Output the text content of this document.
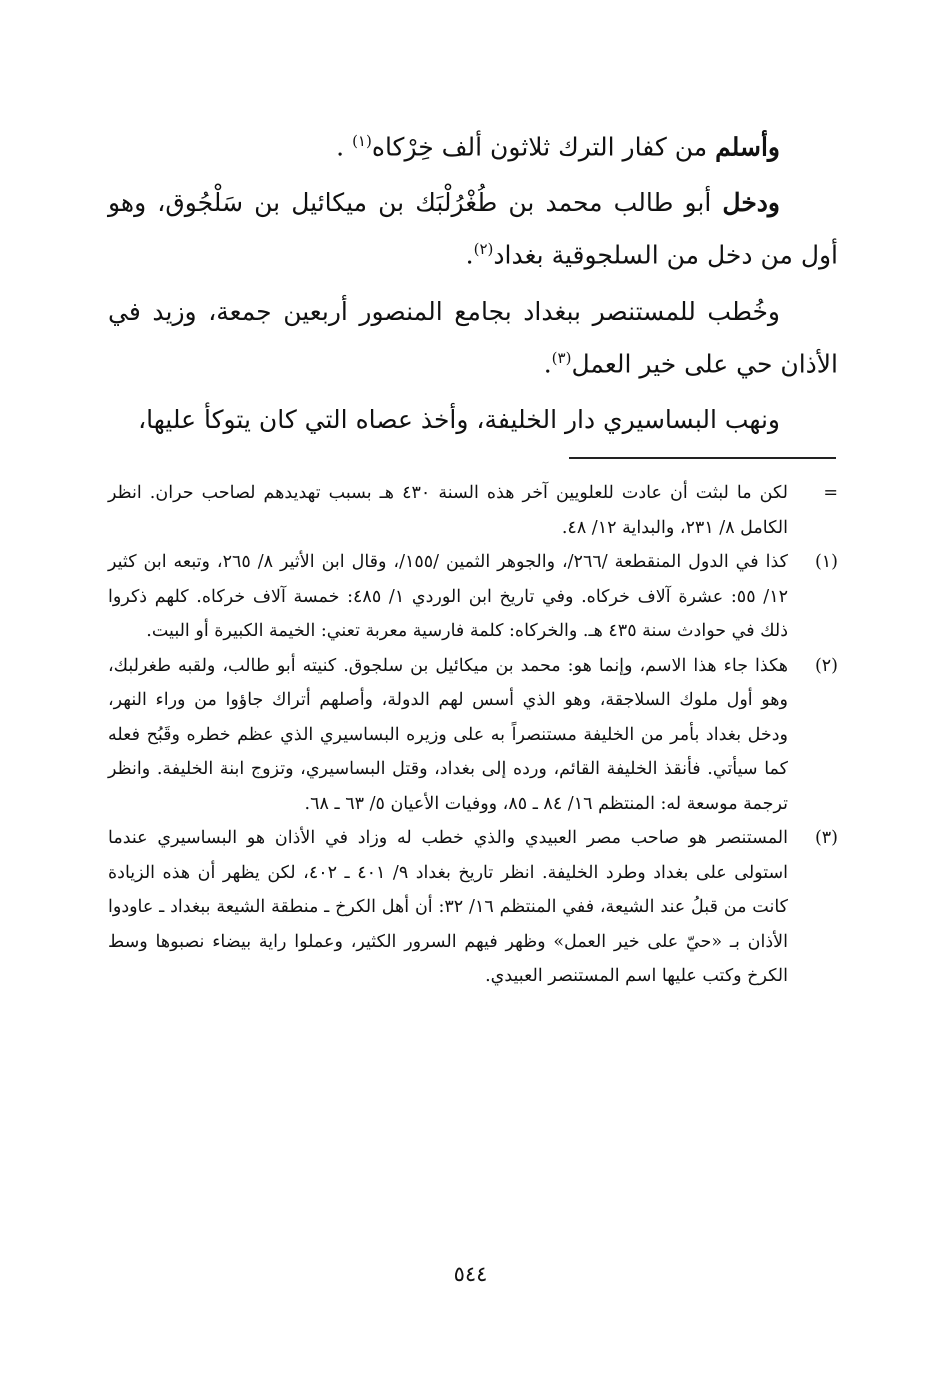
وأسلم من كفار الترك ثلاثون ألف خِرْكاه$^{(١)}$ .

ودخل أبو طالب محمد بن طُغْرُلْبَك بن ميكائيل بن سَلْجُوق، وهو أول من دخل من السلجوقية بغداد$^{(٢)}$.

وخُطب للمستنصر ببغداد بجامع المنصور أربعين جمعة، وزيد في الأذان حي على خير العمل$^{(٣)}$.

ونهب البساسيري دار الخليفة، وأخذ عصاه التي كان يتوكأ عليها،

=
لكن ما لبثت أن عادت للعلويين آخر هذه السنة ٤٣٠ هـ بسبب تهديدهم لصاحب حران. انظر الكامل ٨/ ٢٣١، والبداية ١٢/ ٤٨.
(١)
كذا في الدول المنقطعة /٢٦٦/، والجوهر الثمين /١٥٥/، وقال ابن الأثير ٨/ ٢٦٥، وتبعه ابن كثير ١٢/ ٥٥: عشرة آلاف خركاه. وفي تاريخ ابن الوردي ١/ ٤٨٥: خمسة آلاف خركاه. كلهم ذكروا ذلك في حوادث سنة ٤٣٥ هـ. والخركاه: كلمة فارسية معربة تعني: الخيمة الكبيرة أو البيت.
(٢)
هكذا جاء هذا الاسم، وإنما هو: محمد بن ميكائيل بن سلجوق. كنيته أبو طالب، ولقبه طغرلبك، وهو أول ملوك السلاجقة، وهو الذي أسس لهم الدولة، وأصلهم أتراك جاؤوا من وراء النهر، ودخل بغداد بأمر من الخليفة مستنصراً به على وزيره البساسيري الذي عظم خطره وقَبُح فعله كما سيأتي. فأنقذ الخليفة القائم، ورده إلى بغداد، وقتل البساسيري، وتزوج ابنة الخليفة. وانظر ترجمة موسعة له: المنتظم ١٦/ ٨٤ ـ ٨٥، ووفيات الأعيان ٥/ ٦٣ ـ ٦٨.
(٣)
المستنصر هو صاحب مصر العبيدي والذي خطب له وزاد في الأذان هو البساسيري عندما استولى على بغداد وطرد الخليفة. انظر تاريخ بغداد ٩/ ٤٠١ ـ ٤٠٢، لكن يظهر أن هذه الزيادة كانت من قبلُ عند الشيعة، ففي المنتظم ١٦/ ٣٢: أن أهل الكرخ ـ منطقة الشيعة ببغداد ـ عاودوا الأذان بـ «حيّ على خير العمل» وظهر فيهم السرور الكثير، وعملوا راية بيضاء نصبوها وسط الكرخ وكتب عليها اسم المستنصر العبيدي.
٥٤٤
